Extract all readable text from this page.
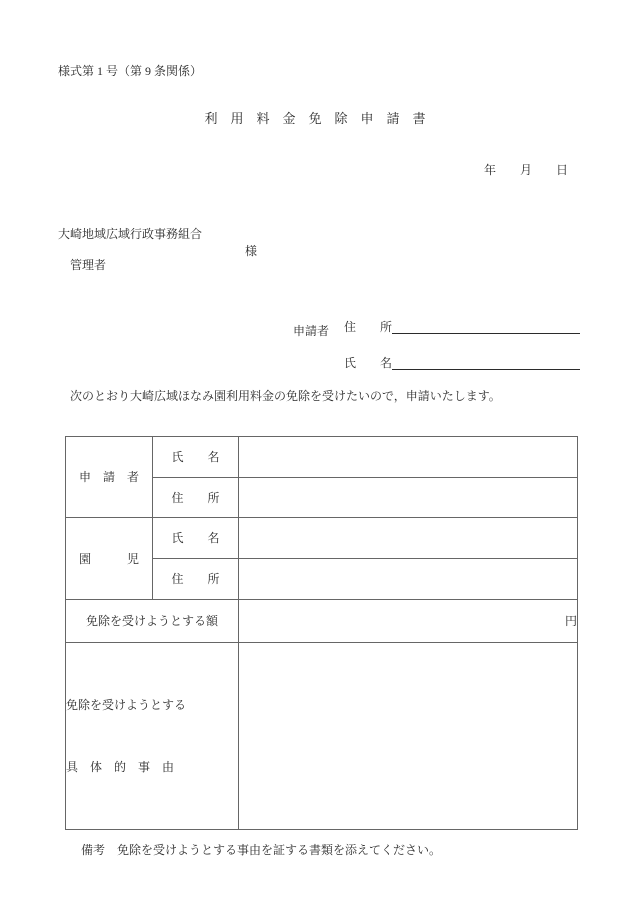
様式第 1 号（第 9 条関係）
利　用　料　金　免　除　申　請　書
年　　月　　日
大崎地域広域行政事務組合

管理者

様

住　　所

申請者

氏　　名

次のとおり大崎広域ほなみ園利用料金の免除を受けたいので，申請いたします。
申　請　者	氏　　名	
	住　　所	
園　　　児	氏　　名	
	住　　所	
免除を受けようとする額		円

免除を受けようとする

具　体　的　事　由		

備考 免除を受けようとする事由を証する書類を添えてください。
